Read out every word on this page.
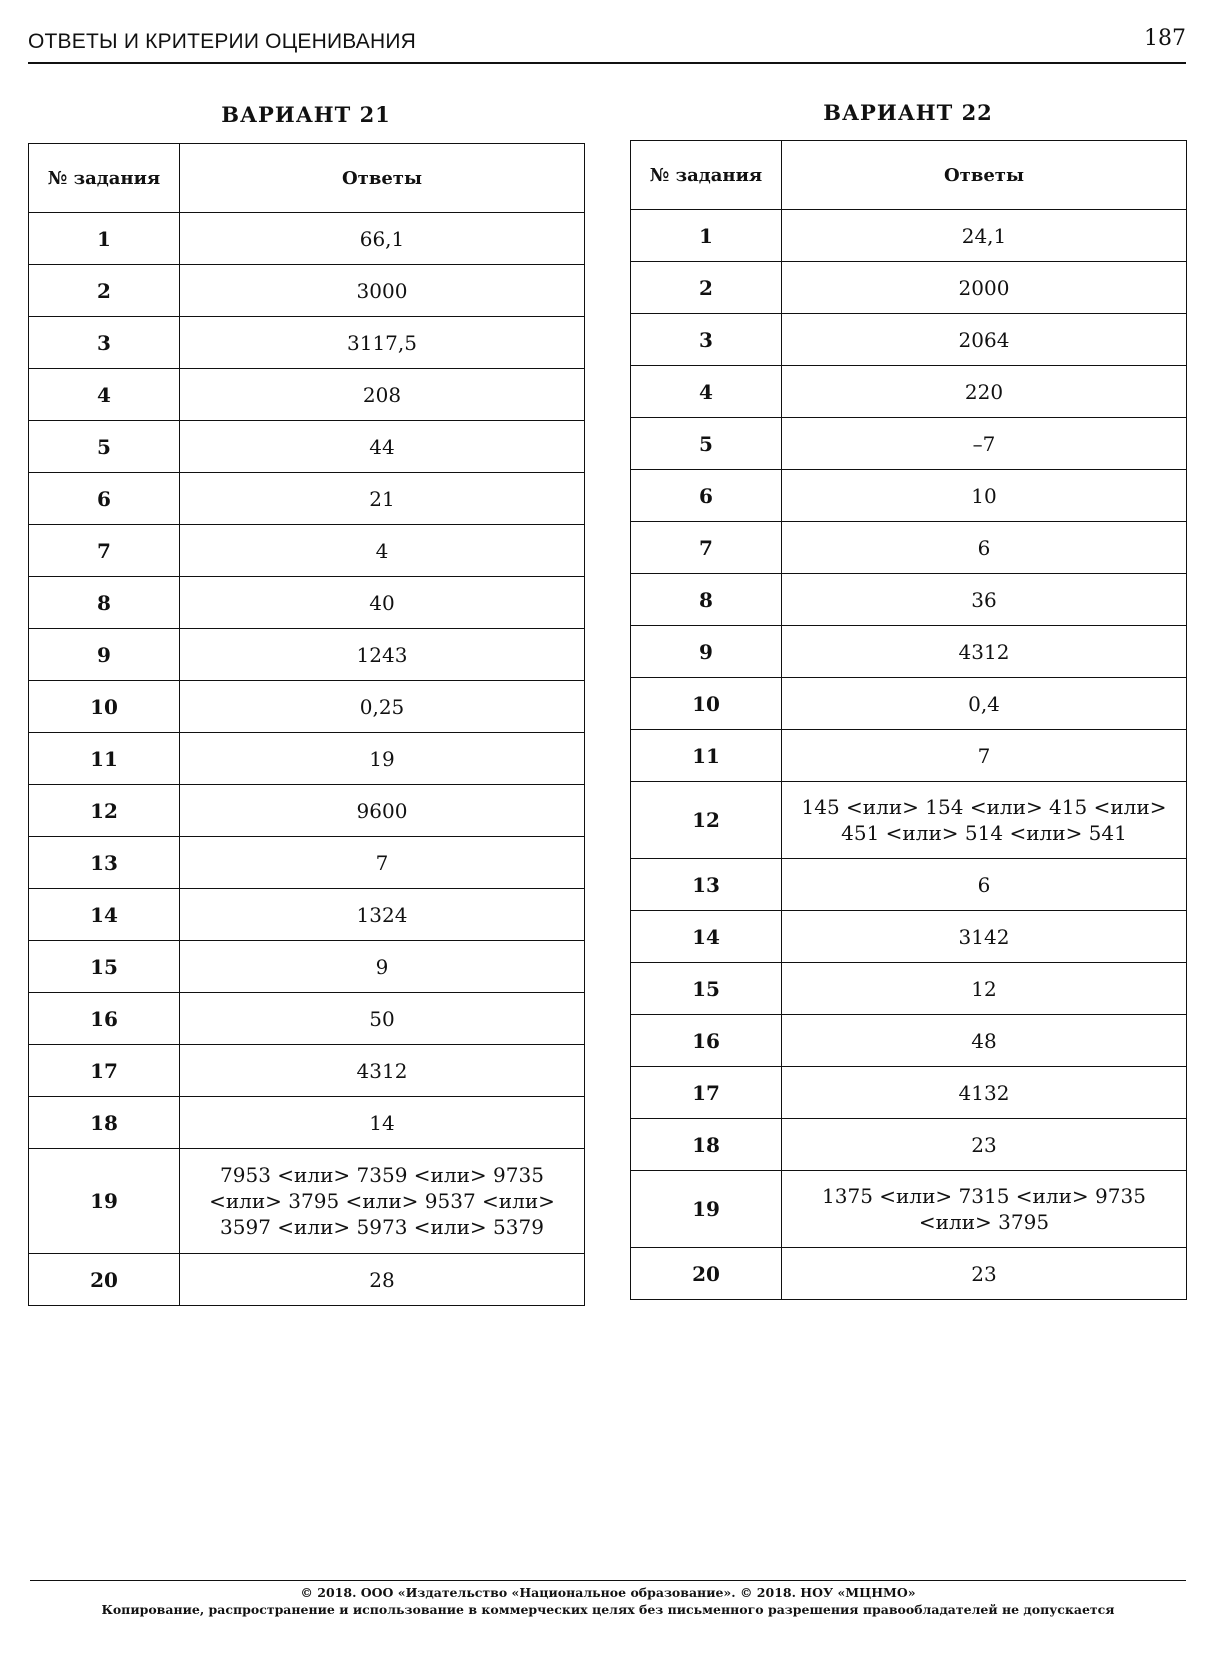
ОТВЕТЫ И КРИТЕРИИ ОЦЕНИВАНИЯ	187
ВАРИАНТ 21	ВАРИАНТ 22
№ задания	Ответы
1	66,1
2	3000
3	3117,5
4	208
5	44
6	21
7	4
8	40
9	1243
10	0,25
11	19
12	9600
13	7
14	1324
15	9
16	50
17	4312
18	14
19	7953 <или> 7359 <или> 9735
<или> 3795 <или> 9537 <или>
3597 <или> 5973 <или> 5379

20	28
№ задания	Ответы
1	24,1
2	2000
3	2064
4	220
5	–7
6	10
7	6
8	36
9	4312
10	0,4
11	7
12	145 <или> 154 <или> 415 <или>
451 <или> 514 <или> 541

13	6
14	3142
15	12
16	48
17	4132
18	23
19	1375 <или> 7315 <или> 9735
<или> 3795

20	23
© 2018. ООО «Издательство «Национальное образование». © 2018. НОУ «МЦНМО»
Копирование, распространение и использование в коммерческих целях без письменного разрешения правообладателей не допускается
